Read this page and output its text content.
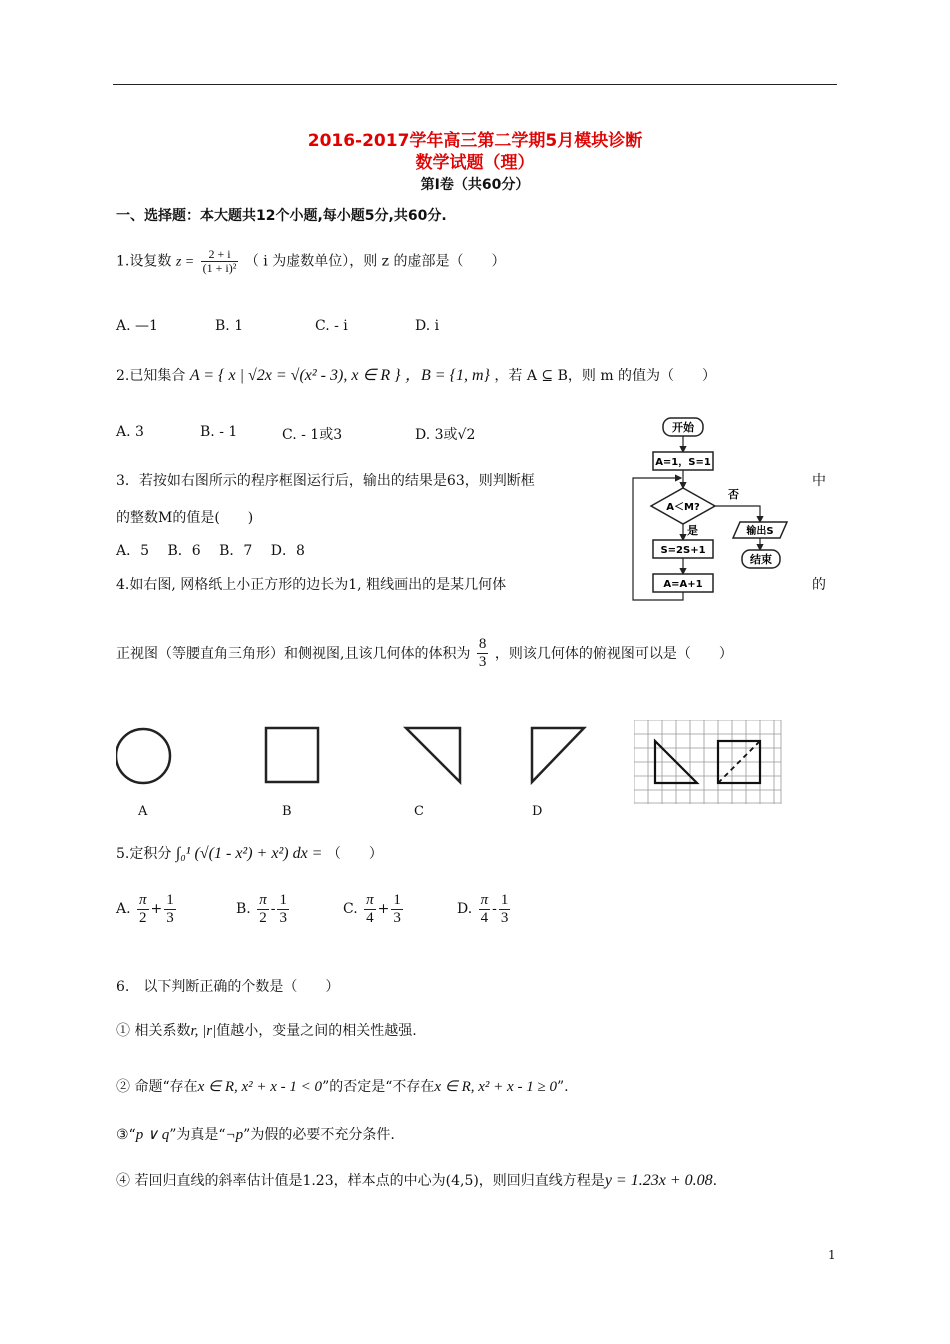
2016-2017学年高三第二学期5月模块诊断
数学试题（理）
第Ⅰ卷（共60分）
一、选择题：本大题共12个小题,每小题5分,共60分.
1.设复数 $z = \frac{2 + i}{\text{(1 + i)²}}$ （ i 为虚数单位），则 z 的虚部是（　　）
A. —1	B. 1	C. - i	D. i
2.已知集合 A = { x | √2x = √(x² - 3), x ∈ R } ，B = {1, m} ，若 A ⊆ B，则 m 的值为（　　）
A. 3	B. - 1	C. - 1或3	D. 3或√2
3．若按如右图所示的程序框图运行后，输出的结果是63，则判断框	中
的整数M的值是(　　)
A．5　 B．6　 B．7　 D．8
开始
A=1，S=1
A＜M?
否
输出S
结束
是
S=2S+1
A=A+1
4.如右图, 网格纸上小正方形的边长为1, 粗线画出的是某几何体	的
正视图（等腰直角三角形）和侧视图,且该几何体的体积为 $\frac{8}{3}$ ，则该几何体的俯视图可以是（　　）
A	B	C	D
5.定积分 ∫₀¹ (√(1 - x²) + x²) dx = （　　）
A. $\frac{\pi}{2} + \frac{1}{3}$	B. $\frac{\pi}{2} - \frac{1}{3}$	C. $\frac{\pi}{4} + \frac{1}{3}$	D. $\frac{\pi}{4} - \frac{1}{3}$
6.　以下判断正确的个数是（　　）
① 相关系数r, |r|值越小，变量之间的相关性越强.
② 命题“存在x ∈ R, x² + x - 1 < 0”的否定是“不存在x ∈ R, x² + x - 1 ≥ 0”.
③“p ∨ q”为真是“¬p”为假的必要不充分条件.
④ 若回归直线的斜率估计值是1.23，样本点的中心为(4,5)，则回归直线方程是y = 1.23x + 0.08.
1
